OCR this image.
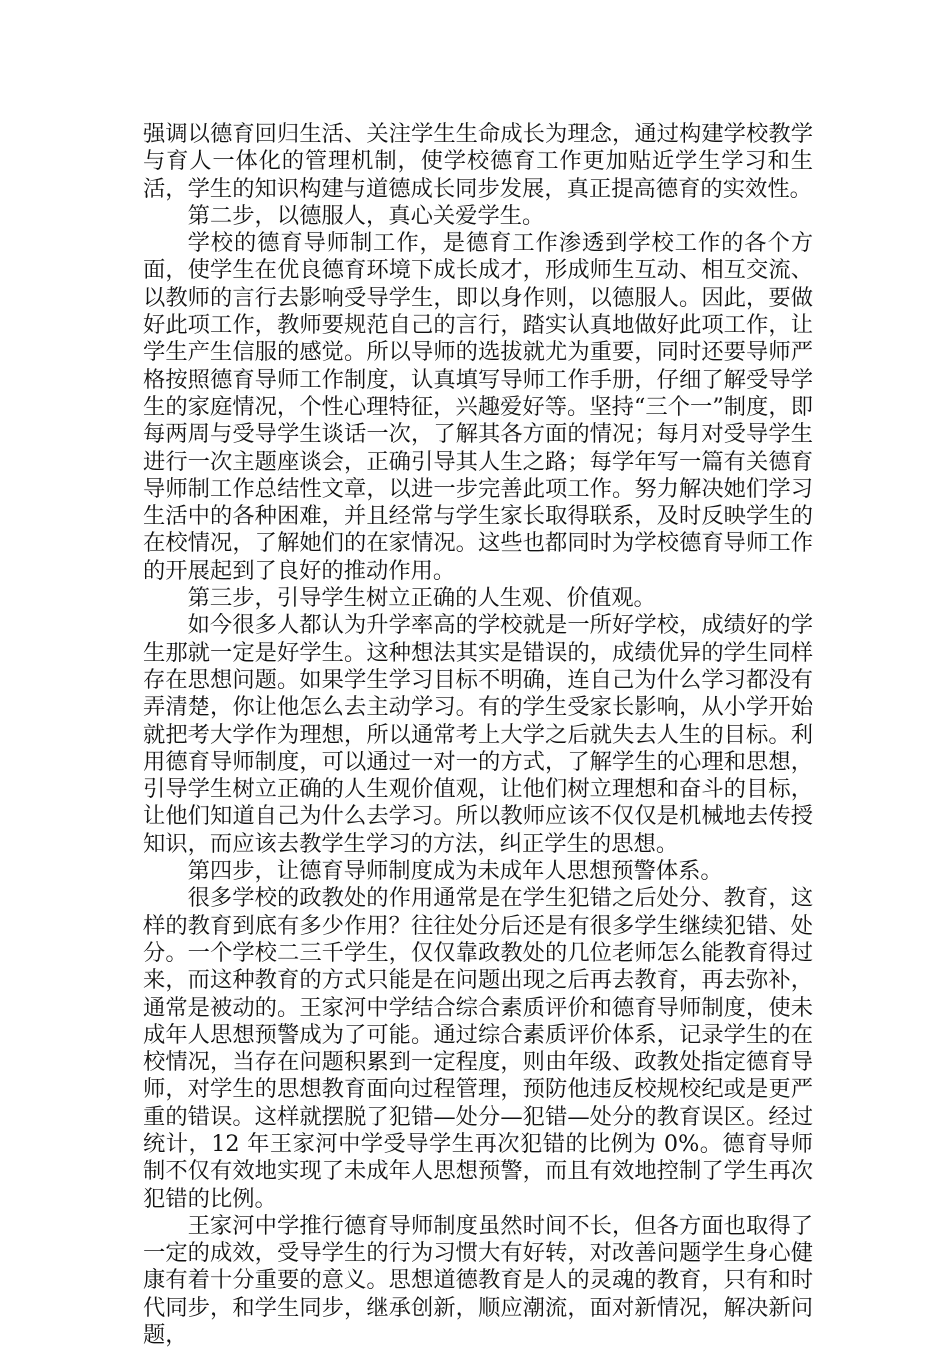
强调以德育回归生活、关注学生生命成长为理念，通过构建学校教学与育人一体化的管理机制，使学校德育工作更加贴近学生学习和生活，学生的知识构建与道德成长同步发展，真正提高德育的实效性。

第二步，以德服人，真心关爱学生。

学校的德育导师制工作，是德育工作渗透到学校工作的各个方面，使学生在优良德育环境下成长成才，形成师生互动、相互交流、以教师的言行去影响受导学生，即以身作则，以德服人。因此，要做好此项工作，教师要规范自己的言行，踏实认真地做好此项工作，让学生产生信服的感觉。所以导师的选拔就尤为重要，同时还要导师严格按照德育导师工作制度，认真填写导师工作手册，仔细了解受导学生的家庭情况，个性心理特征，兴趣爱好等。坚持“三个一”制度，即每两周与受导学生谈话一次，了解其各方面的情况；每月对受导学生进行一次主题座谈会，正确引导其人生之路；每学年写一篇有关德育导师制工作总结性文章，以进一步完善此项工作。努力解决她们学习生活中的各种困难，并且经常与学生家长取得联系，及时反映学生的在校情况，了解她们的在家情况。这些也都同时为学校德育导师工作的开展起到了良好的推动作用。

第三步，引导学生树立正确的人生观、价值观。

如今很多人都认为升学率高的学校就是一所好学校，成绩好的学生那就一定是好学生。这种想法其实是错误的，成绩优异的学生同样存在思想问题。如果学生学习目标不明确，连自己为什么学习都没有弄清楚，你让他怎么去主动学习。有的学生受家长影响，从小学开始就把考大学作为理想，所以通常考上大学之后就失去人生的目标。利用德育导师制度，可以通过一对一的方式，了解学生的心理和思想，引导学生树立正确的人生观价值观，让他们树立理想和奋斗的目标，让他们知道自己为什么去学习。所以教师应该不仅仅是机械地去传授知识，而应该去教学生学习的方法，纠正学生的思想。

第四步，让德育导师制度成为未成年人思想预警体系。

很多学校的政教处的作用通常是在学生犯错之后处分、教育，这样的教育到底有多少作用？往往处分后还是有很多学生继续犯错、处分。一个学校二三千学生，仅仅靠政教处的几位老师怎么能教育得过来，而这种教育的方式只能是在问题出现之后再去教育，再去弥补，通常是被动的。王家河中学结合综合素质评价和德育导师制度，使未成年人思想预警成为了可能。通过综合素质评价体系，记录学生的在校情况，当存在问题积累到一定程度，则由年级、政教处指定德育导师，对学生的思想教育面向过程管理，预防他违反校规校纪或是更严重的错误。这样就摆脱了犯错—处分—犯错—处分的教育误区。经过统计，12 年王家河中学受导学生再次犯错的比例为 0%。德育导师制不仅有效地实现了未成年人思想预警，而且有效地控制了学生再次犯错的比例。

王家河中学推行德育导师制度虽然时间不长，但各方面也取得了一定的成效，受导学生的行为习惯大有好转，对改善问题学生身心健康有着十分重要的意义。思想道德教育是人的灵魂的教育，只有和时代同步，和学生同步，继承创新，顺应潮流，面对新情况，解决新问题，
